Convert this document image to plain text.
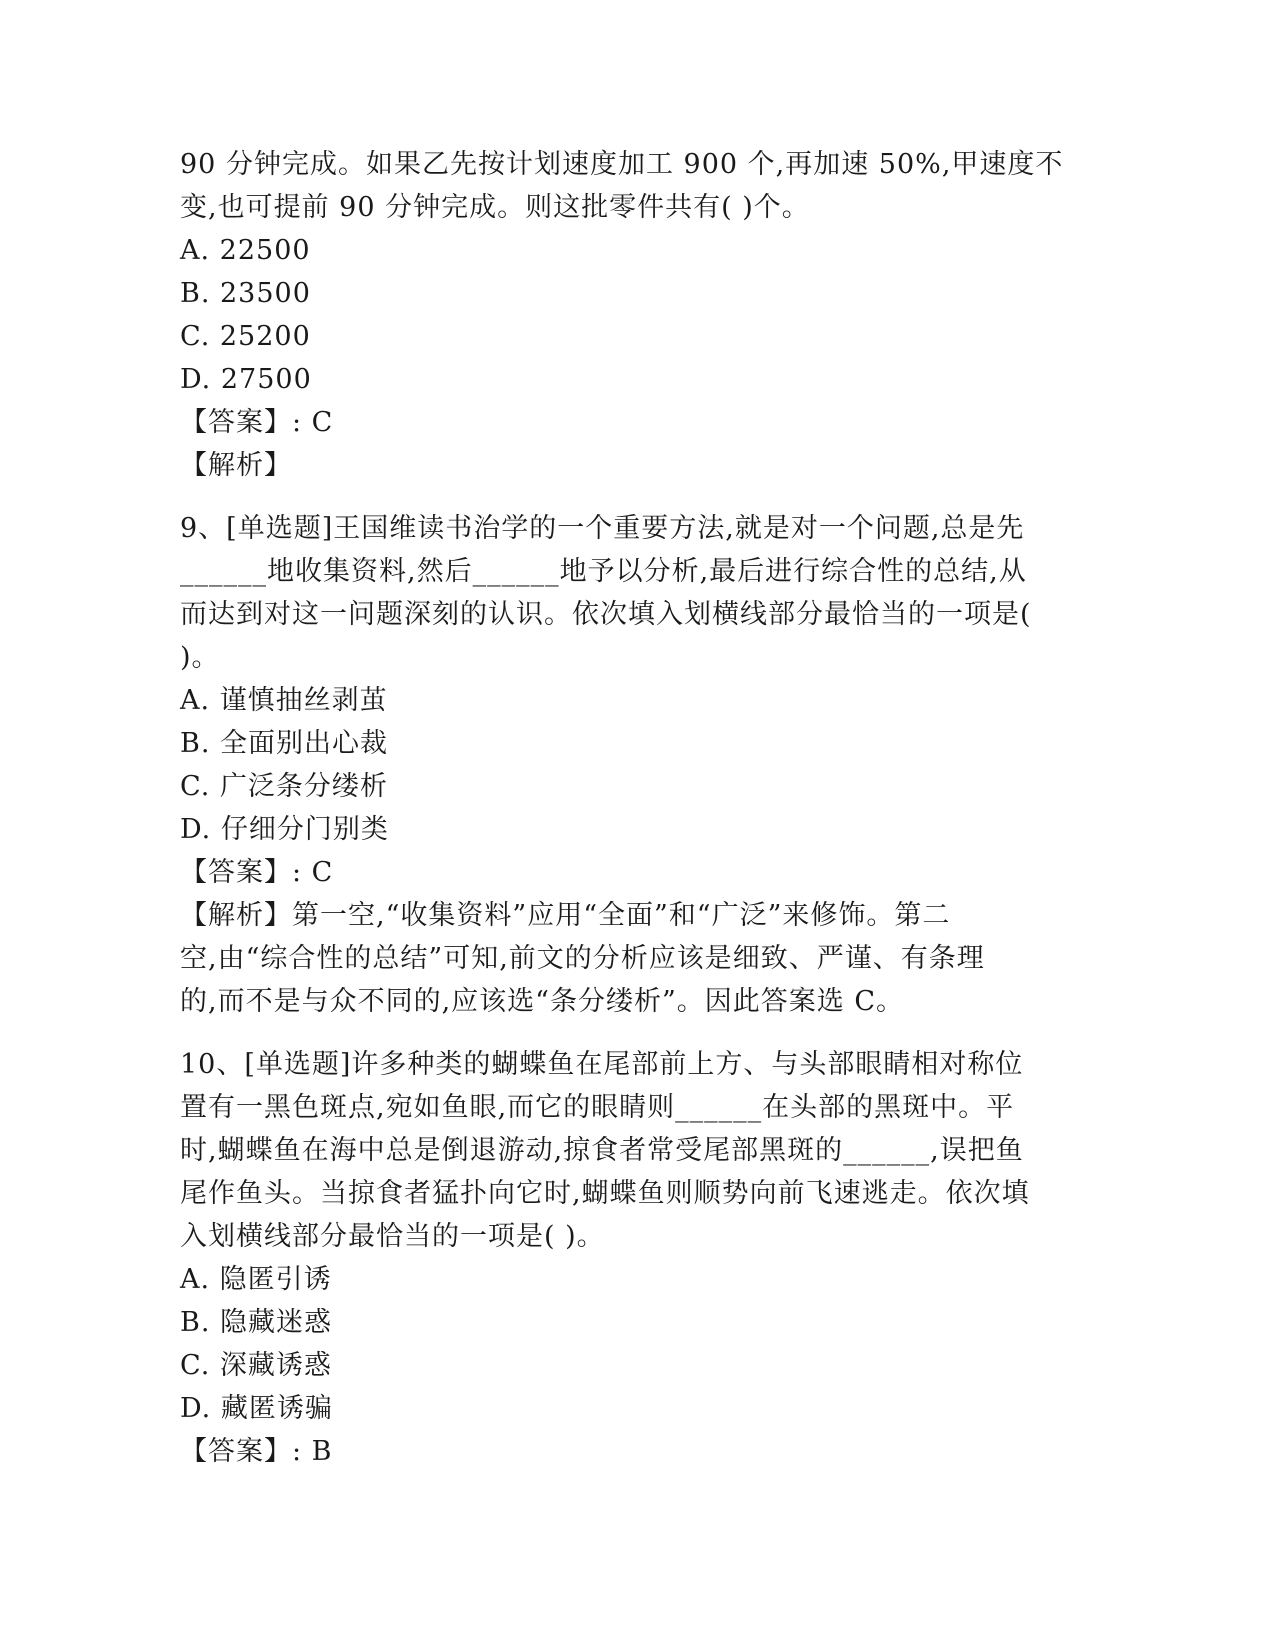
90 分钟完成。如果乙先按计划速度加工 900 个,再加速 50%,甲速度不
变,也可提前 90 分钟完成。则这批零件共有( )个。
A. 22500
B. 23500
C. 25200
D. 27500
【答案】: C
【解析】
9、[单选题]王国维读书治学的一个重要方法,就是对一个问题,总是先
______地收集资料,然后______地予以分析,最后进行综合性的总结,从
而达到对这一问题深刻的认识。依次填入划横线部分最恰当的一项是(
)。
A. 谨慎抽丝剥茧
B. 全面别出心裁
C. 广泛条分缕析
D. 仔细分门别类
【答案】: C
【解析】第一空,“收集资料”应用“全面”和“广泛”来修饰。第二
空,由“综合性的总结”可知,前文的分析应该是细致、严谨、有条理
的,而不是与众不同的,应该选“条分缕析”。因此答案选 C。
10、[单选题]许多种类的蝴蝶鱼在尾部前上方、与头部眼睛相对称位
置有一黑色斑点,宛如鱼眼,而它的眼睛则______在头部的黑斑中。平
时,蝴蝶鱼在海中总是倒退游动,掠食者常受尾部黑斑的______,误把鱼
尾作鱼头。当掠食者猛扑向它时,蝴蝶鱼则顺势向前飞速逃走。依次填
入划横线部分最恰当的一项是( )。
A. 隐匿引诱
B. 隐藏迷惑
C. 深藏诱惑
D. 藏匿诱骗
【答案】: B
